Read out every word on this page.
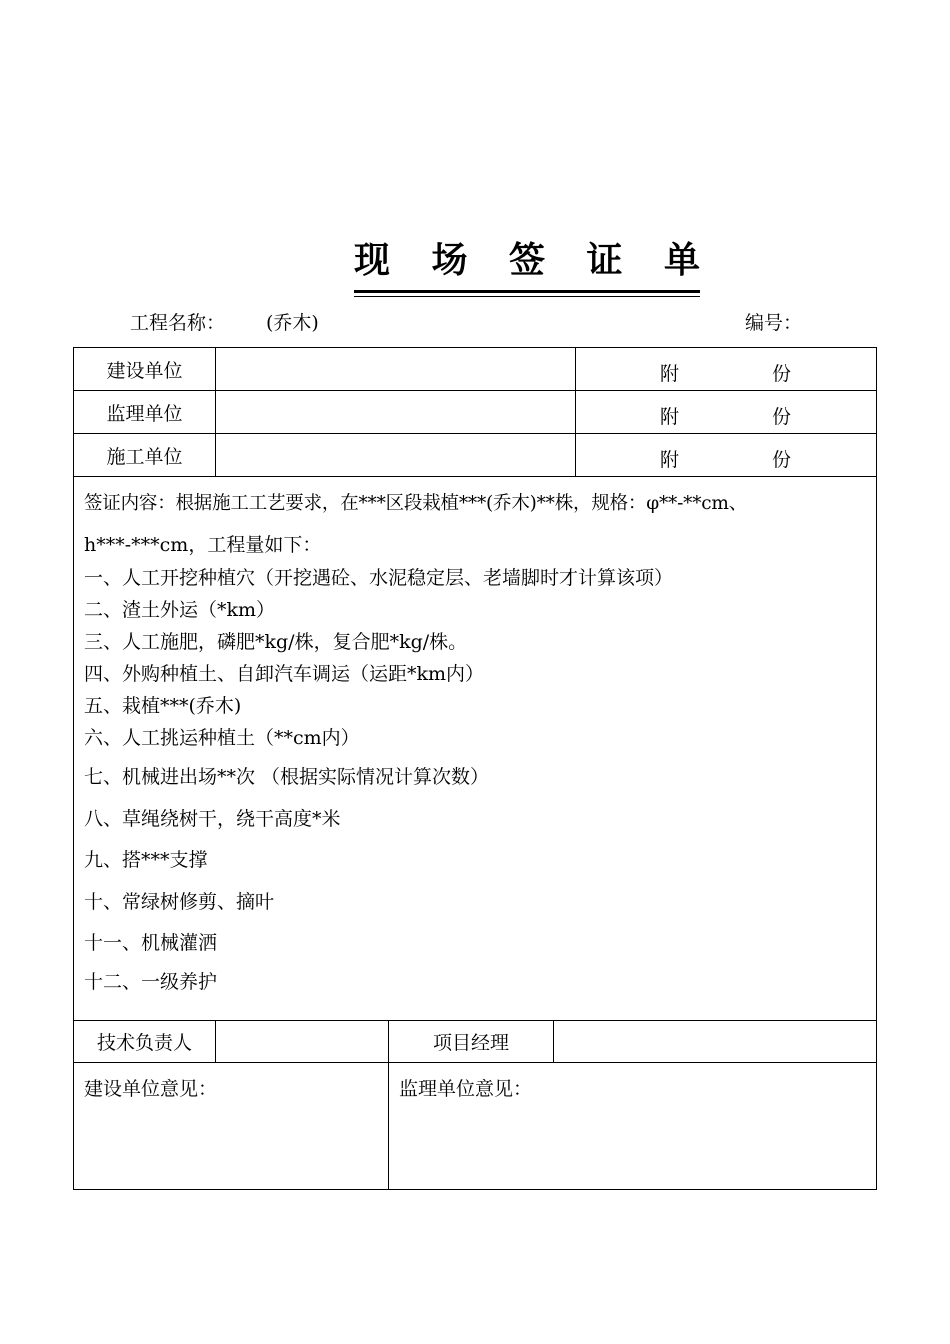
现 场 签 证 单
工程名称： (乔木)	编号：
建设单位	附	份
监理单位	附	份
施工单位	附	份
签证内容：根据施工工艺要求，在***区段栽植***(乔木)**株，规格：φ**-**cm、
h***-***cm，工程量如下：
一、人工开挖种植穴（开挖遇砼、水泥稳定层、老墙脚时才计算该项）
二、渣土外运（*km）
三、人工施肥，磷肥*kg/株，复合肥*kg/株。
四、外购种植土、自卸汽车调运（运距*km内）
五、栽植***(乔木)
六、人工挑运种植土（**cm内）
七、机械进出场**次 （根据实际情况计算次数）
八、草绳绕树干，绕干高度*米
九、搭***支撑
十、常绿树修剪、摘叶
十一、机械灌洒
十二、一级养护
技术负责人	项目经理
建设单位意见：	监理单位意见：
